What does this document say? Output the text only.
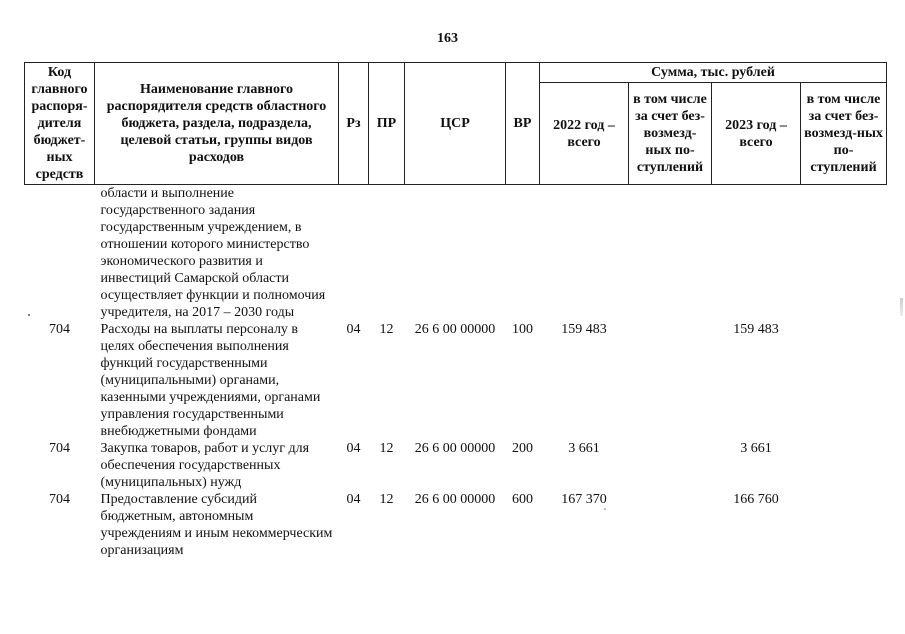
163
Код главного распоря-дителя бюджет-ных средств	Наименование главного распорядителя средств областного бюджета, раздела, подраздела, целевой статьи, группы видов расходов	Рз	ПР	ЦСР	ВР	Сумма, тыс. рублей			
						2022 год – всего	в том числе за счет без-возмезд-ных по-ступлений	2023 год – всего	в том числе за счет без-возмезд-ных по-ступлений
	области и выполнение государственного задания государственным учреждением, в отношении которого министерство экономического развития и инвестиций Самарской области осуществляет функции и полномочия учредителя, на 2017 – 2030 годы								
704	Расходы на выплаты персоналу в целях обеспечения выполнения функций государственными (муниципальными) органами, казенными учреждениями, органами управления государственными внебюджетными фондами	04	12	26 6 00 00000	100	159 483		159 483	
704	Закупка товаров, работ и услуг для обеспечения государственных (муниципальных) нужд	04	12	26 6 00 00000	200	3 661		3 661	
704	Предоставление субсидий бюджетным, автономным учреждениям и иным некоммерческим организациям	04	12	26 6 00 00000	600	167 370		166 760	
